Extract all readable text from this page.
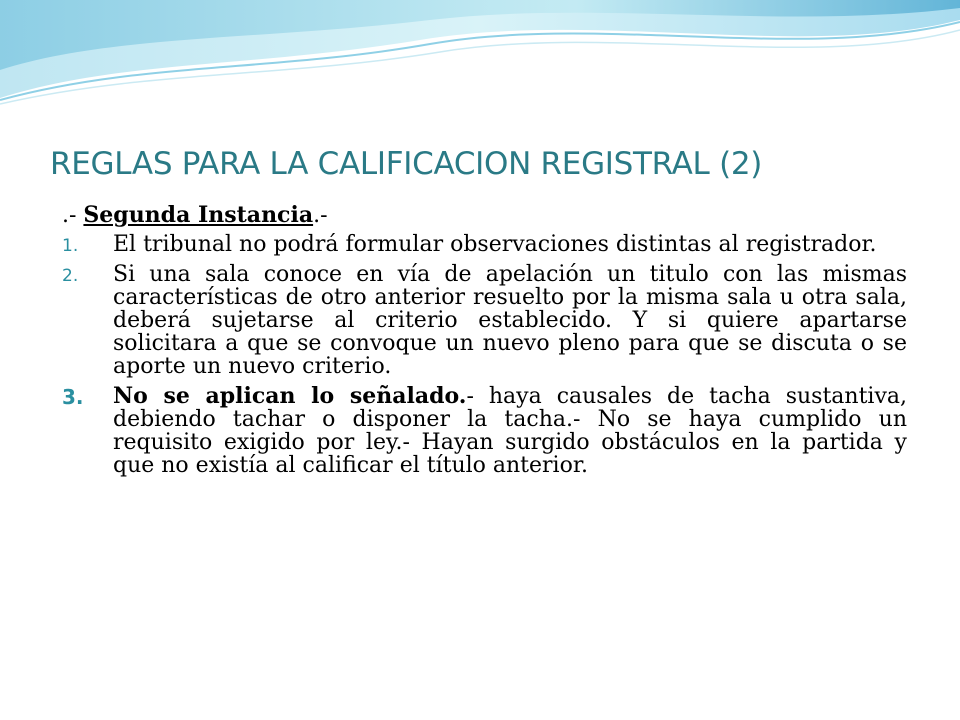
REGLAS PARA LA CALIFICACION REGISTRAL (2)

.- Segunda Instancia.-

1. El tribunal no podrá formular observaciones distintas al registrador.
2. Si una sala conoce en vía de apelación un titulo con las mismas características de otro anterior resuelto por la misma sala u otra sala, deberá sujetarse al criterio establecido. Y si quiere apartarse solicitara a que se convoque un nuevo pleno para que se discuta o se aporte un nuevo criterio.
3. No se aplican lo señalado.- haya causales de tacha sustantiva, debiendo tachar o disponer la tacha.- No se haya cumplido un requisito exigido por ley.- Hayan surgido obstáculos en la partida y que no existía al calificar el título anterior.
